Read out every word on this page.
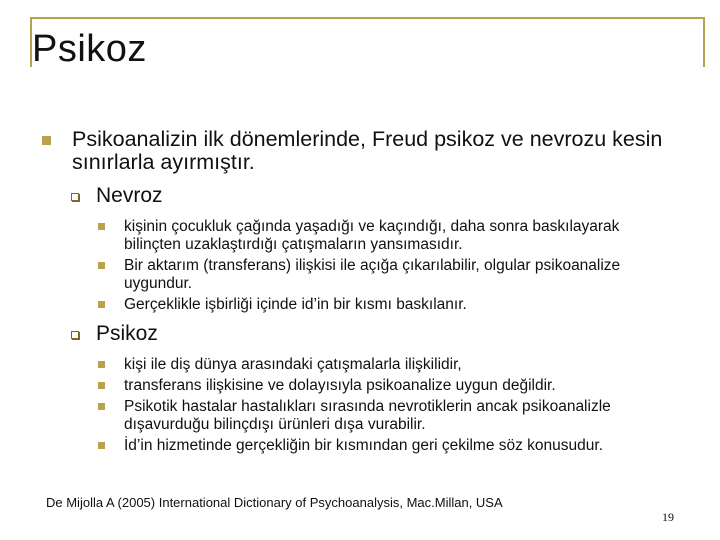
Psikoz
Psikoanalizin ilk dönemlerinde, Freud psikoz ve nevrozu kesin sınırlarla ayırmıştır.
Nevroz
kişinin çocukluk çağında yaşadığı ve kaçındığı, daha sonra baskılayarak bilinçten uzaklaştırdığı çatışmaların yansımasıdır.
Bir aktarım (transferans) ilişkisi ile açığa çıkarılabilir, olgular psikoanalize uygundur.
Gerçeklikle işbirliği içinde id’in bir kısmı baskılanır.
Psikoz
kişi ile diş dünya arasındaki çatışmalarla ilişkilidir,
transferans ilişkisine ve dolayısıyla psikoanalize uygun değildir.
Psikotik hastalar hastalıkları sırasında nevrotiklerin ancak psikoanalizle dışavurduğu bilinçdışı ürünleri dışa vurabilir.
İd’in hizmetinde gerçekliğin bir kısmından geri çekilme söz konusudur.
De Mijolla A (2005) International Dictionary of Psychoanalysis, Mac.Millan, USA
19
